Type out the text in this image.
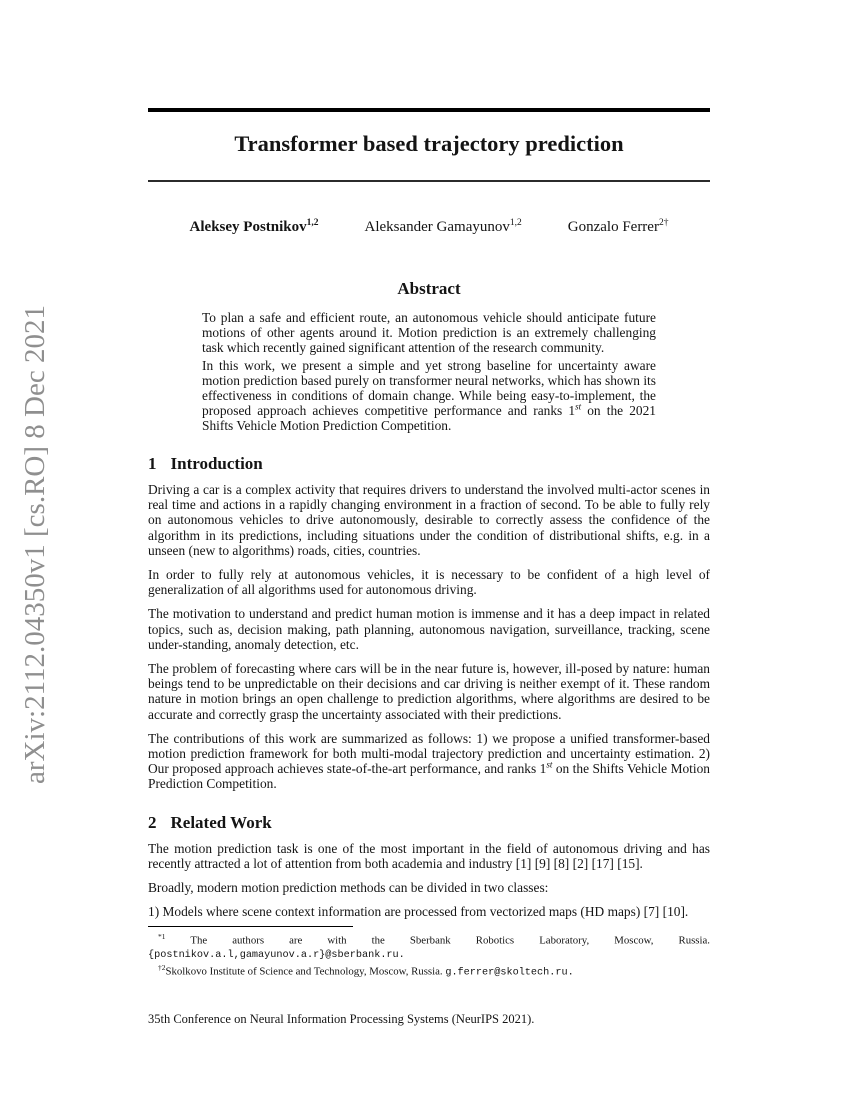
arXiv:2112.04350v1 [cs.RO] 8 Dec 2021
Transformer based trajectory prediction
Aleksey Postnikov$^{1,2}$	Aleksander Gamayunov$^{1,2}$	Gonzalo Ferrer$^{2\dagger}$
Abstract

To plan a safe and efficient route, an autonomous vehicle should anticipate future motions of other agents around it. Motion prediction is an extremely challenging task which recently gained significant attention of the research community.

In this work, we present a simple and yet strong baseline for uncertainty aware motion prediction based purely on transformer neural networks, which has shown its effectiveness in conditions of domain change. While being easy-to-implement, the proposed approach achieves competitive performance and ranks 1st on the 2021 Shifts Vehicle Motion Prediction Competition.

1 Introduction

Driving a car is a complex activity that requires drivers to understand the involved multi-actor scenes in real time and actions in a rapidly changing environment in a fraction of second. To be able to fully rely on autonomous vehicles to drive autonomously, desirable to correctly assess the confidence of the algorithm in its predictions, including situations under the condition of distributional shifts, e.g. in a unseen (new to algorithms) roads, cities, countries.

In order to fully rely at autonomous vehicles, it is necessary to be confident of a high level of generalization of all algorithms used for autonomous driving.

The motivation to understand and predict human motion is immense and it has a deep impact in related topics, such as, decision making, path planning, autonomous navigation, surveillance, tracking, scene under-standing, anomaly detection, etc.

The problem of forecasting where cars will be in the near future is, however, ill-posed by nature: human beings tend to be unpredictable on their decisions and car driving is neither exempt of it. These random nature in motion brings an open challenge to prediction algorithms, where algorithms are desired to be accurate and correctly grasp the uncertainty associated with their predictions.

The contributions of this work are summarized as follows: 1) we propose a unified transformer-based motion prediction framework for both multi-modal trajectory prediction and uncertainty estimation. 2) Our proposed approach achieves state-of-the-art performance, and ranks 1st on the Shifts Vehicle Motion Prediction Competition.

2 Related Work

The motion prediction task is one of the most important in the field of autonomous driving and has recently attracted a lot of attention from both academia and industry [1] [9] [8] [2] [17] [15].

Broadly, modern motion prediction methods can be divided in two classes:

1) Models where scene context information are processed from vectorized maps (HD maps) [7] [10].

$^{*1}$ The authors are with the Sberbank Robotics Laboratory, Moscow, Russia. {postnikov.a.l,gamayunov.a.r}@sberbank.ru.

$^{\dagger 2}$Skolkovo Institute of Science and Technology, Moscow, Russia. g.ferrer@skoltech.ru.

35th Conference on Neural Information Processing Systems (NeurIPS 2021).
